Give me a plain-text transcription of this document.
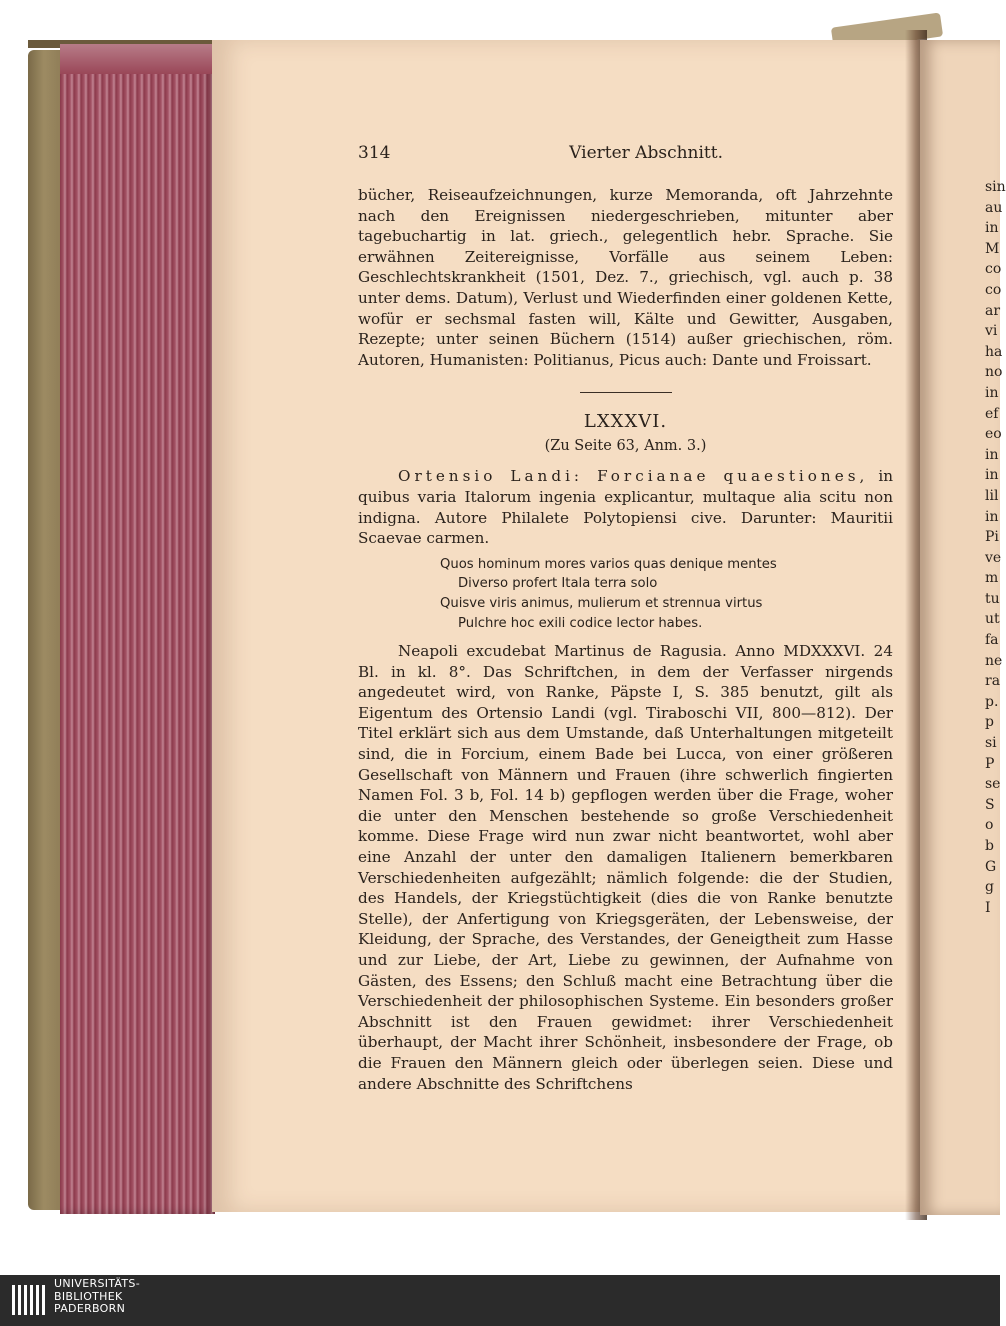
314	Vierter Abschnitt.

bücher, Reiseaufzeichnungen, kurze Memoranda, oft Jahrzehnte nach den Ereignissen niedergeschrieben, mitunter aber tagebuchartig in lat. griech., gelegentlich hebr. Sprache. Sie erwähnen Zeitereignisse, Vorfälle aus seinem Leben: Geschlechtskrankheit (1501, Dez. 7., griechisch, vgl. auch p. 38 unter dems. Datum), Verlust und Wiederfinden einer goldenen Kette, wofür er sechsmal fasten will, Kälte und Gewitter, Ausgaben, Rezepte; unter seinen Büchern (1514) außer griechischen, röm. Autoren, Humanisten: Politianus, Picus auch: Dante und Froissart.

LXXXVI.

(Zu Seite 63, Anm. 3.)

Ortensio Landi: Forcianae quaestiones, in quibus varia Italorum ingenia explicantur, multaque alia scitu non indigna. Autore Philalete Polytopiensi cive. Darunter: Mauritii Scaevae carmen.

Quos hominum mores varios quas denique mentes
Diverso profert Itala terra solo
Quisve viris animus, mulierum et strennua virtus
Pulchre hoc exili codice lector habes.

Neapoli excudebat Martinus de Ragusia. Anno MDXXXVI. 24 Bl. in kl. 8°. Das Schriftchen, in dem der Verfasser nirgends angedeutet wird, von Ranke, Päpste I, S. 385 benutzt, gilt als Eigentum des Ortensio Landi (vgl. Tiraboschi VII, 800—812). Der Titel erklärt sich aus dem Umstande, daß Unterhaltungen mitgeteilt sind, die in Forcium, einem Bade bei Lucca, von einer größeren Gesellschaft von Männern und Frauen (ihre schwerlich fingierten Namen Fol. 3 b, Fol. 14 b) gepflogen werden über die Frage, woher die unter den Menschen bestehende so große Verschiedenheit komme. Diese Frage wird nun zwar nicht beantwortet, wohl aber eine Anzahl der unter den damaligen Italienern bemerkbaren Verschiedenheiten aufgezählt; nämlich folgende: die der Studien, des Handels, der Kriegstüchtigkeit (dies die von Ranke benutzte Stelle), der Anfertigung von Kriegsgeräten, der Lebensweise, der Kleidung, der Sprache, des Verstandes, der Geneigtheit zum Hasse und zur Liebe, der Art, Liebe zu gewinnen, der Aufnahme von Gästen, des Essens; den Schluß macht eine Betrachtung über die Verschiedenheit der philosophischen Systeme. Ein besonders großer Abschnitt ist den Frauen gewidmet: ihrer Verschiedenheit überhaupt, der Macht ihrer Schönheit, insbesondere der Frage, ob die Frauen den Männern gleich oder überlegen seien. Diese und andere Abschnitte des Schriftchens

sin
au
in
M
co
co
ar
vi
ha
no
in
ef
eo
in
in
lil
in
Pi
ve
m
tu
ut
fa
ne
ra
p.
p
si
P
se
S
o
b
G
g
I
UNIVERSITÄTS-
BIBLIOTHEK
PADERBORN
